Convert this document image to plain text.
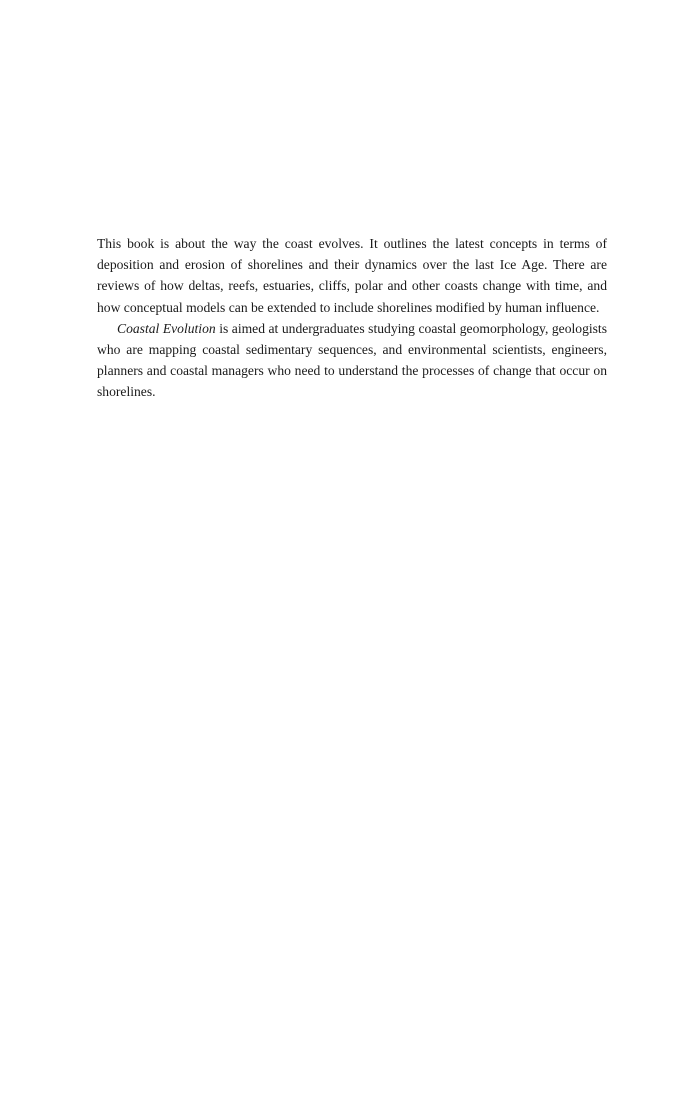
This book is about the way the coast evolves. It outlines the latest concepts in terms of deposition and erosion of shorelines and their dynamics over the last Ice Age. There are reviews of how deltas, reefs, estuaries, cliffs, polar and other coasts change with time, and how conceptual models can be extended to include shorelines modified by human influence.

Coastal Evolution is aimed at undergraduates studying coastal geomorphology, geologists who are mapping coastal sedimentary sequences, and environmental scientists, engineers, planners and coastal managers who need to understand the processes of change that occur on shorelines.
